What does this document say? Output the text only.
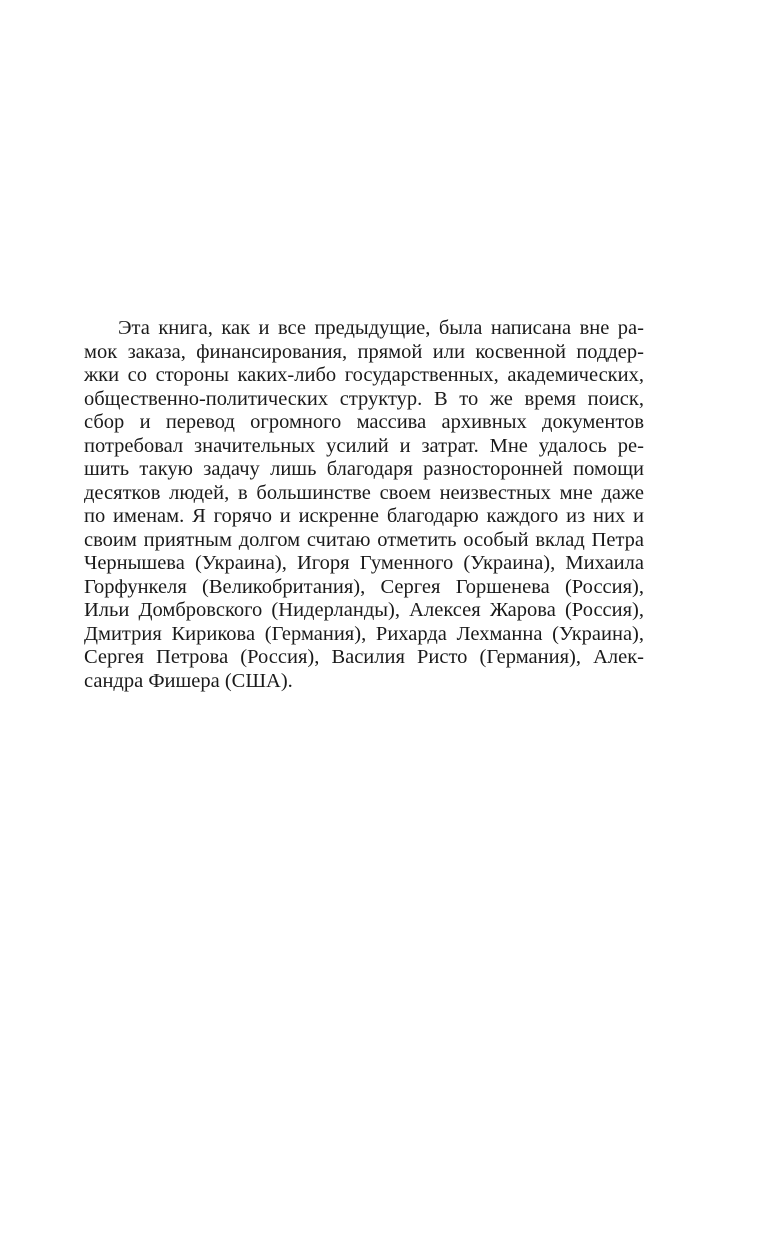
Эта книга, как и все предыдущие, была написана вне ра-
мок заказа, финансирования, прямой или косвенной поддер-
жки со стороны каких-либо государственных, академических,
общественно-политических структур. В то же время поиск,
сбор и перевод огромного массива архивных документов
потребовал значительных усилий и затрат. Мне удалось ре-
шить такую задачу лишь благодаря разносторонней помощи
десятков людей, в большинстве своем неизвестных мне даже
по именам. Я горячо и искренне благодарю каждого из них и
своим приятным долгом считаю отметить особый вклад Петра
Чернышева (Украина), Игоря Гуменного (Украина), Михаила
Горфункеля (Великобритания), Сергея Горшенева (Россия),
Ильи Домбровского (Нидерланды), Алексея Жарова (Россия),
Дмитрия Кирикова (Германия), Рихарда Лехманна (Украина),
Сергея Петрова (Россия), Василия Ристо (Германия), Алек-
сандра Фишера (США).
